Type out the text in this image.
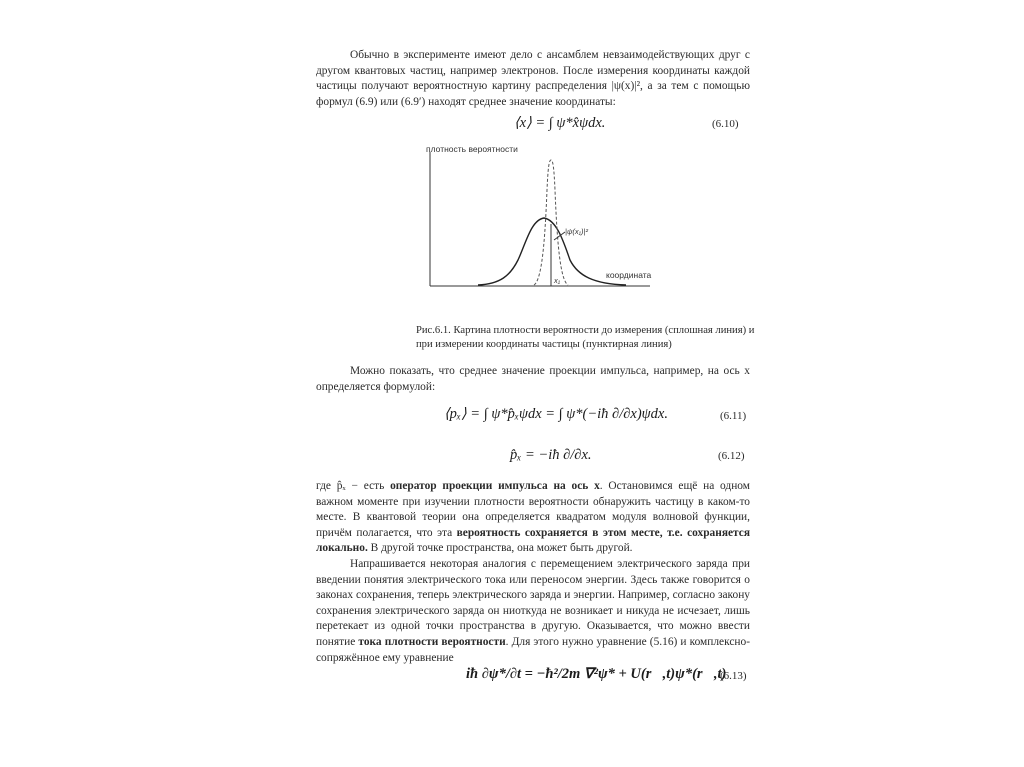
Обычно в эксперименте имеют дело с ансамблем невзаимодействующих друг с другом квантовых частиц, например электронов. После измерения координаты каждой частицы получают вероятностную картину распределения |ψ(x)|², а за тем с помощью формул (6.9) или (6.9′) находят среднее значение координаты:

⟨x⟩ = ∫ ψ*x̂ψdx.	(6.10)
плотность вероятности
координата
|ψ(x₁)|²
x₁

Рис.6.1. Картина плотности вероятности до измерения (сплошная линия) и

при измерении координаты частицы (пунктирная линия)

Можно показать, что среднее значение проекции импульса, например, на ось x определяется формулой:

⟨pₓ⟩ = ∫ ψ*p̂ₓψdx = ∫ ψ*(−iħ ∂/∂x)ψdx.	(6.11)
p̂ₓ = −iħ ∂/∂x.	(6.12)

где p̂ₓ − есть оператор проекции импульса на ось x. Остановимся ещё на одном важном моменте при изучении плотности вероятности обнаружить частицу в каком-то месте. В квантовой теории она определяется квадратом модуля волновой функции, причём полагается, что эта вероятность сохраняется в этом месте, т.е. сохраняется локально. В другой точке пространства, она может быть другой.

Напрашивается некоторая аналогия с перемещением электрического заряда при введении понятия электрического тока или переносом энергии. Здесь также говорится о законах сохранения, теперь электрического заряда и энергии. Например, согласно закону сохранения электрического заряда он ниоткуда не возникает и никуда не исчезает, лишь перетекает из одной точки пространства в другую. Оказывается, что можно ввести понятие тока плотности вероятности. Для этого нужно уравнение (5.16) и комплексно-сопряжённое ему уравнение

iħ ∂ψ*/∂t = −ħ²/2m ∇²ψ* + U(r⃗,t)ψ*(r⃗,t)
(6.13)
